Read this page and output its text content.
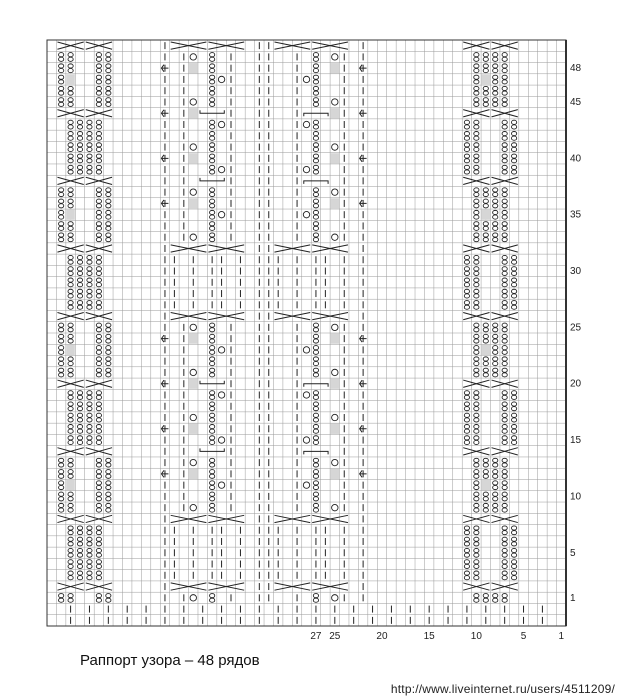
1
5
10
15
20
25
27
1
5
10
15
20
25
30
35
40
45
48
Раппорт узора – 48 рядов
http://www.liveinternet.ru/users/4511209/
